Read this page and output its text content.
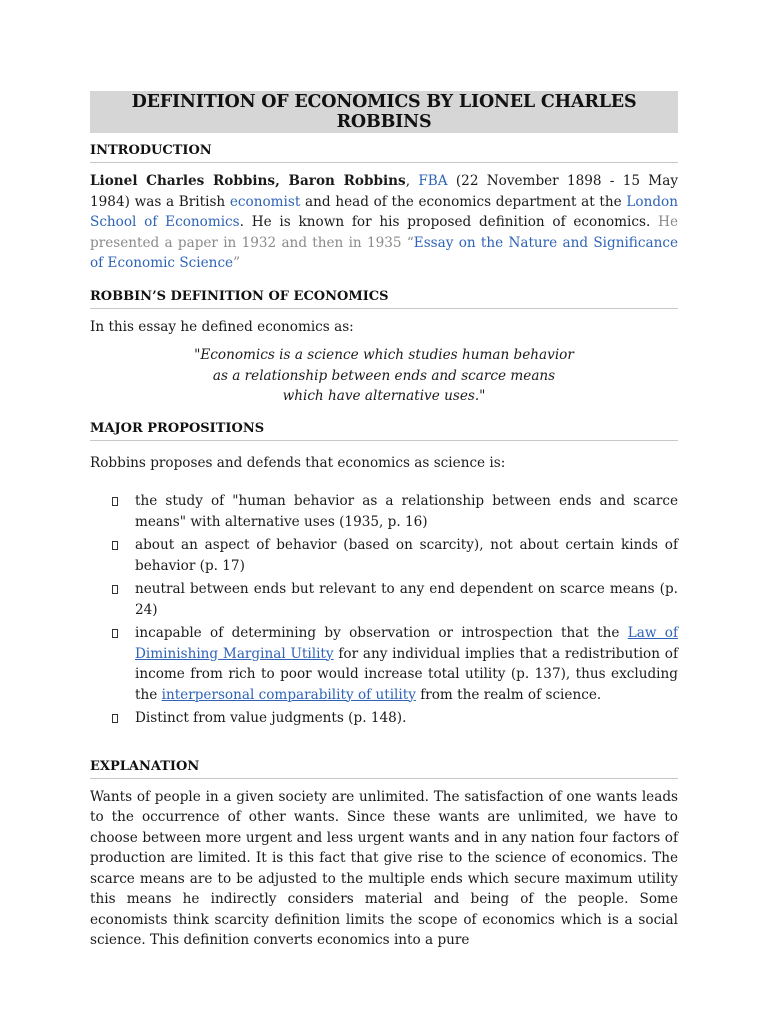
DEFINITION OF ECONOMICS BY LIONEL CHARLES ROBBINS
INTRODUCTION

Lionel Charles Robbins, Baron Robbins, FBA (22 November 1898 - 15 May 1984) was a British economist and head of the economics department at the London School of Economics. He is known for his proposed definition of economics. He presented a paper in 1932 and then in 1935 “Essay on the Nature and Significance of Economic Science”

ROBBIN’S DEFINITION OF ECONOMICS

In this essay he defined economics as:

"Economics is a science which studies human behavior as a relationship between ends and scarce means which have alternative uses."

MAJOR PROPOSITIONS

Robbins proposes and defends that economics as science is:

the study of "human behavior as a relationship between ends and scarce means" with alternative uses (1935, p. 16)
about an aspect of behavior (based on scarcity), not about certain kinds of behavior (p. 17)
neutral between ends but relevant to any end dependent on scarce means (p. 24)
incapable of determining by observation or introspection that the Law of Diminishing Marginal Utility for any individual implies that a redistribution of income from rich to poor would increase total utility (p. 137), thus excluding the interpersonal comparability of utility from the realm of science.
Distinct from value judgments (p. 148).
EXPLANATION

Wants of people in a given society are unlimited. The satisfaction of one wants leads to the occurrence of other wants. Since these wants are unlimited, we have to choose between more urgent and less urgent wants and in any nation four factors of production are limited. It is this fact that give rise to the science of economics. The scarce means are to be adjusted to the multiple ends which secure maximum utility this means he indirectly considers material and being of the people. Some economists think scarcity definition limits the scope of economics which is a social science. This definition converts economics into a pure
